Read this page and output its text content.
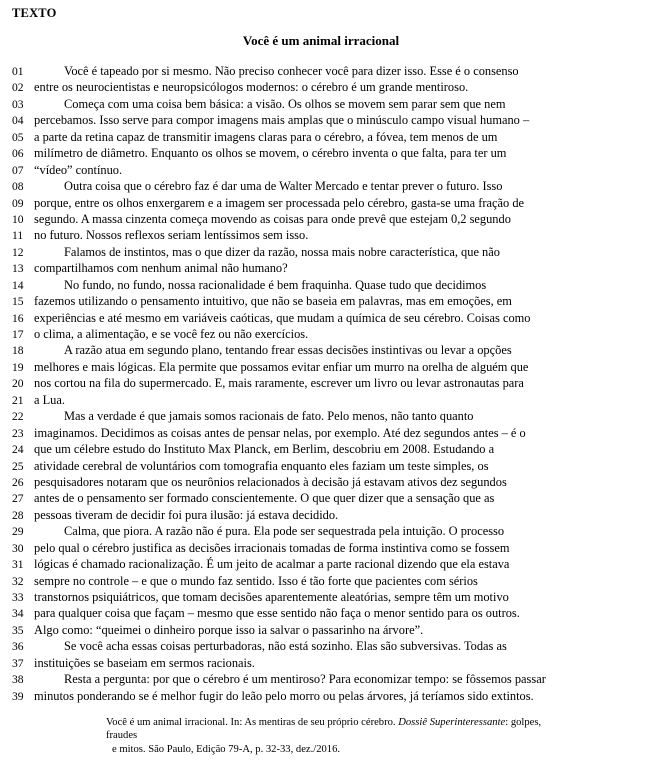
TEXTO
Você é um animal irracional
01	Você é tapeado por si mesmo. Não preciso conhecer você para dizer isso. Esse é o consenso
02 entre os neurocientistas e neuropsicólogos modernos: o cérebro é um grande mentiroso.
03	Começa com uma coisa bem básica: a visão. Os olhos se movem sem parar sem que nem
04 percebamos. Isso serve para compor imagens mais amplas que o minúsculo campo visual humano –
05 a parte da retina capaz de transmitir imagens claras para o cérebro, a fóvea, tem menos de um
06 milímetro de diâmetro. Enquanto os olhos se movem, o cérebro inventa o que falta, para ter um
07 “vídeo” contínuo.
08	Outra coisa que o cérebro faz é dar uma de Walter Mercado e tentar prever o futuro. Isso
09 porque, entre os olhos enxergarem e a imagem ser processada pelo cérebro, gasta-se uma fração de
10 segundo. A massa cinzenta começa movendo as coisas para onde prevê que estejam 0,2 segundo
11 no futuro. Nossos reflexos seriam lentíssimos sem isso.
12	Falamos de instintos, mas o que dizer da razão, nossa mais nobre característica, que não
13 compartilhamos com nenhum animal não humano?
14	No fundo, no fundo, nossa racionalidade é bem fraquinha. Quase tudo que decidimos
15 fazemos utilizando o pensamento intuitivo, que não se baseia em palavras, mas em emoções, em
16 experiências e até mesmo em variáveis caóticas, que mudam a química de seu cérebro. Coisas como
17 o clima, a alimentação, e se você fez ou não exercícios.
18	A razão atua em segundo plano, tentando frear essas decisões instintivas ou levar a opções
19 melhores e mais lógicas. Ela permite que possamos evitar enfiar um murro na orelha de alguém que
20 nos cortou na fila do supermercado. E, mais raramente, escrever um livro ou levar astronautas para
21 a Lua.
22	Mas a verdade é que jamais somos racionais de fato. Pelo menos, não tanto quanto
23 imaginamos. Decidimos as coisas antes de pensar nelas, por exemplo. Até dez segundos antes – é o
24 que um célebre estudo do Instituto Max Planck, em Berlim, descobriu em 2008. Estudando a
25 atividade cerebral de voluntários com tomografia enquanto eles faziam um teste simples, os
26 pesquisadores notaram que os neurônios relacionados à decisão já estavam ativos dez segundos
27 antes de o pensamento ser formado conscientemente. O que quer dizer que a sensação que as
28 pessoas tiveram de decidir foi pura ilusão: já estava decidido.
29	Calma, que piora. A razão não é pura. Ela pode ser sequestrada pela intuição. O processo
30 pelo qual o cérebro justifica as decisões irracionais tomadas de forma instintiva como se fossem
31 lógicas é chamado racionalização. É um jeito de acalmar a parte racional dizendo que ela estava
32 sempre no controle – e que o mundo faz sentido. Isso é tão forte que pacientes com sérios
33 transtornos psiquiátricos, que tomam decisões aparentemente aleatórias, sempre têm um motivo
34 para qualquer coisa que façam – mesmo que esse sentido não faça o menor sentido para os outros.
35 Algo como: “queimei o dinheiro porque isso ia salvar o passarinho na árvore”.
36	Se você acha essas coisas perturbadoras, não está sozinho. Elas são subversivas. Todas as
37 instituições se baseiam em sermos racionais.
38	Resta a pergunta: por que o cérebro é um mentiroso? Para economizar tempo: se fôssemos passar
39 minutos ponderando se é melhor fugir do leão pelo morro ou pelas árvores, já teríamos sido extintos.
Você é um animal irracional. In: As mentiras de seu próprio cérebro. Dossiê Superinteressante: golpes, fraudes
e mitos. São Paulo, Edição 79-A, p. 32-33, dez./2016.
